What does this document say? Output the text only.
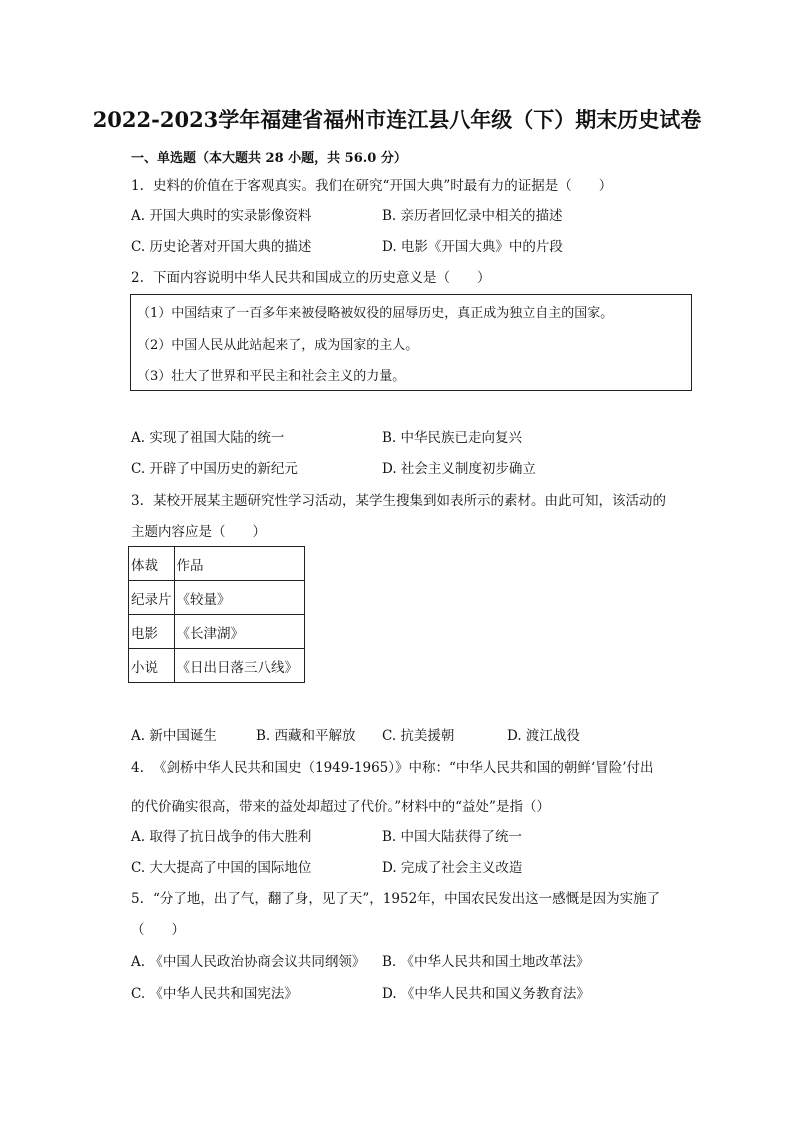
2022-2023学年福建省福州市连江县八年级（下）期末历史试卷
一、单选题（本大题共 28 小题，共 56.0 分）
1. 史料的价值在于客观真实。我们在研究“开国大典”时最有力的证据是（　　）
A. 开国大典时的实录影像资料	B. 亲历者回忆录中相关的描述
C. 历史论著对开国大典的描述	D. 电影《开国大典》中的片段
2. 下面内容说明中华人民共和国成立的历史意义是（　　）
（1）中国结束了一百多年来被侵略被奴役的屈辱历史，真正成为独立自主的国家。
（2）中国人民从此站起来了，成为国家的主人。
（3）壮大了世界和平民主和社会主义的力量。
A. 实现了祖国大陆的统一	B. 中华民族已走向复兴
C. 开辟了中国历史的新纪元	D. 社会主义制度初步确立
3. 某校开展某主题研究性学习活动，某学生搜集到如表所示的素材。由此可知，该活动的
主题内容应是（　　）
体裁	作品
纪录片	《较量》
电影	《长津湖》
小说	《日出日落三八线》
A. 新中国诞生	B. 西藏和平解放 C. 抗美援朝	D. 渡江战役
4. 《剑桥中华人民共和国史（1949-1965）》中称：“中华人民共和国的朝鲜‘冒险’付出
的代价确实很高，带来的益处却超过了代价。”材料中的“益处”是指（）
A. 取得了抗日战争的伟大胜利	B. 中国大陆获得了统一
C. 大大提高了中国的国际地位	D. 完成了社会主义改造
5. “分了地，出了气，翻了身，见了天”，1952年，中国农民发出这一感慨是因为实施了
（　　）
A. 《中国人民政治协商会议共同纲领》 B. 《中华人民共和国土地改革法》
C. 《中华人民共和国宪法》	D. 《中华人民共和国义务教育法》
